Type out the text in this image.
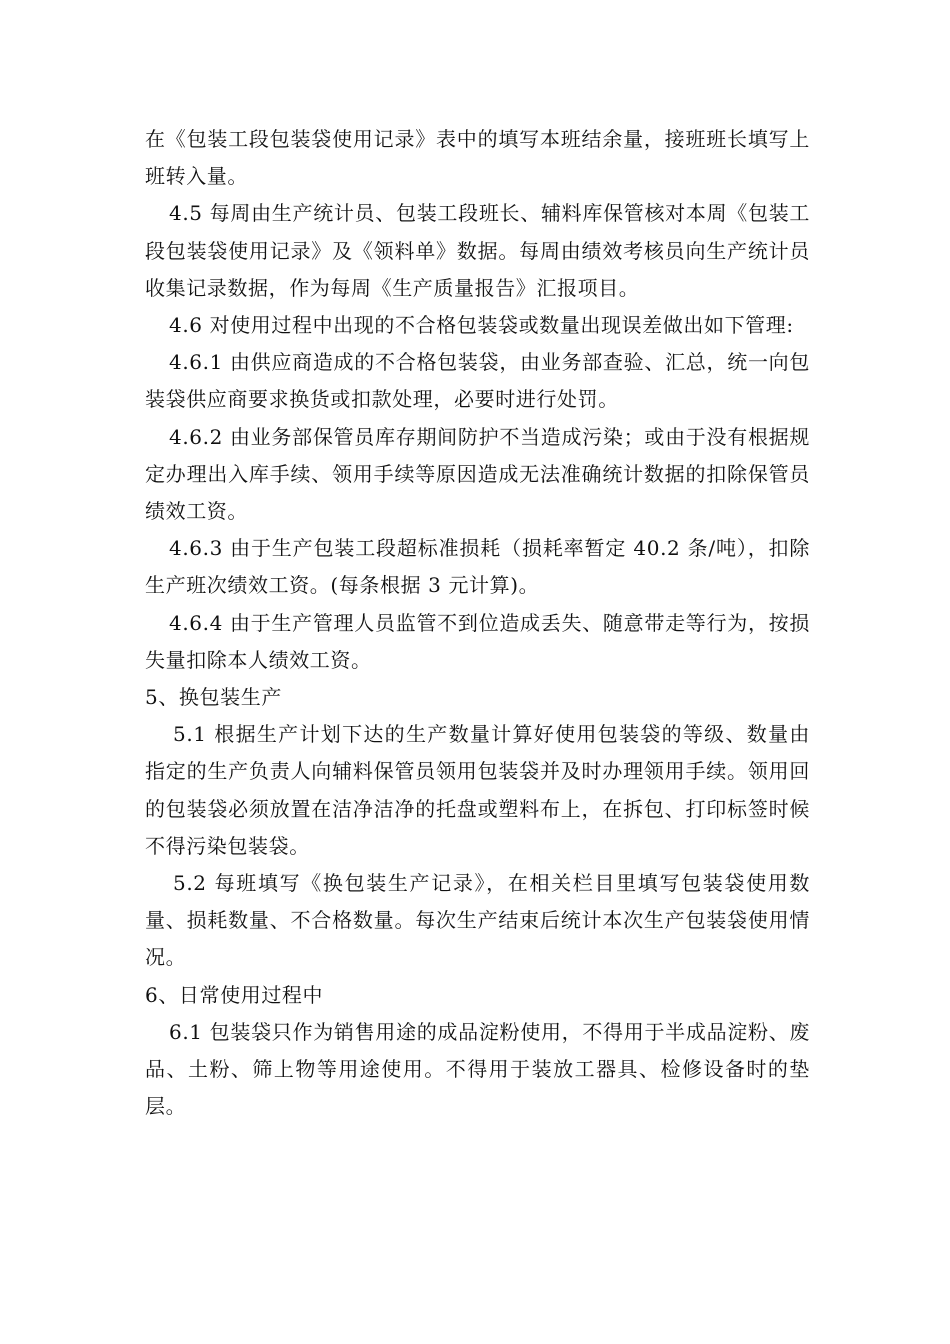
在《包装工段包装袋使用记录》表中的填写本班结余量，接班班长填写上班转入量。

4.5 每周由生产统计员、包装工段班长、辅料库保管核对本周《包装工段包装袋使用记录》及《领料单》数据。每周由绩效考核员向生产统计员收集记录数据，作为每周《生产质量报告》汇报项目。

4.6 对使用过程中出现的不合格包装袋或数量出现误差做出如下管理:

4.6.1 由供应商造成的不合格包装袋，由业务部查验、汇总，统一向包装袋供应商要求换货或扣款处理，必要时进行处罚。

4.6.2 由业务部保管员库存期间防护不当造成污染；或由于没有根据规定办理出入库手续、领用手续等原因造成无法准确统计数据的扣除保管员绩效工资。

4.6.3 由于生产包装工段超标准损耗（损耗率暂定 40.2 条/吨），扣除生产班次绩效工资。(每条根据 3 元计算)。

4.6.4 由于生产管理人员监管不到位造成丢失、随意带走等行为，按损失量扣除本人绩效工资。

5、换包装生产

5.1 根据生产计划下达的生产数量计算好使用包装袋的等级、数量由指定的生产负责人向辅料保管员领用包装袋并及时办理领用手续。领用回的包装袋必须放置在洁净洁净的托盘或塑料布上，在拆包、打印标签时候不得污染包装袋。

5.2 每班填写《换包装生产记录》，在相关栏目里填写包装袋使用数量、损耗数量、不合格数量。每次生产结束后统计本次生产包装袋使用情况。

6、日常使用过程中

6.1 包装袋只作为销售用途的成品淀粉使用，不得用于半成品淀粉、废品、土粉、筛上物等用途使用。不得用于装放工器具、检修设备时的垫层。
